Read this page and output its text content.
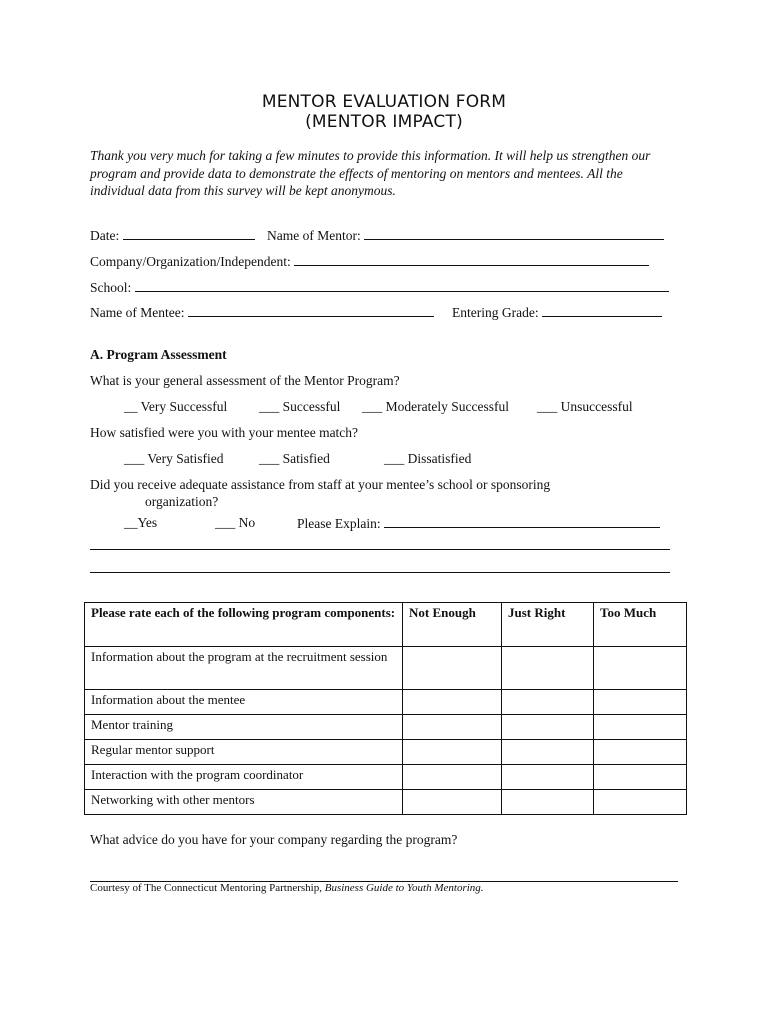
MENTOR EVALUATION FORM
(MENTOR IMPACT)
Thank you very much for taking a few minutes to provide this information. It will help us strengthen our program and provide data to demonstrate the effects of mentoring on mentors and mentees. All the individual data from this survey will be kept anonymous.
Date:	Name of Mentor:
Company/Organization/Independent:
School:
Name of Mentee:	Entering Grade:
A. Program Assessment
What is your general assessment of the Mentor Program?
__ Very Successful ___ Successful ___ Moderately Successful ___ Unsuccessful
How satisfied were you with your mentee match?
___ Very Satisfied	___ Satisfied	___ Dissatisfied
Did you receive adequate assistance from staff at your mentee’s school or sponsoring
organization?
__Yes	___ No	Please Explain:
Please rate each of the following program components:	Not Enough	Just Right	Too Much
Information about the program at the recruitment session			
Information about the mentee			
Mentor training			
Regular mentor support			
Interaction with the program coordinator			
Networking with other mentors			
What advice do you have for your company regarding the program?
Courtesy of The Connecticut Mentoring Partnership, Business Guide to Youth Mentoring.
